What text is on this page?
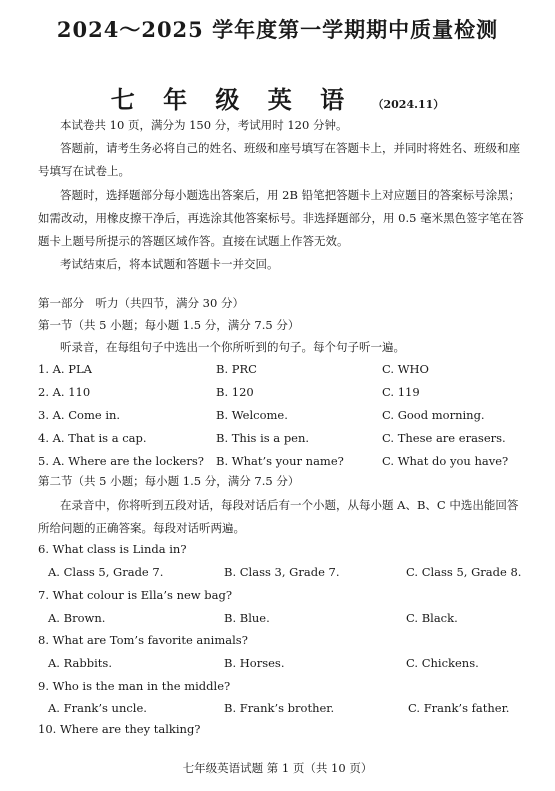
2024～2025 学年度第一学期期中质量检测
七 年 级 英 语 （2024.11）
本试卷共 10 页，满分为 150 分，考试用时 120 分钟。
答题前，请考生务必将自己的姓名、班级和座号填写在答题卡上，并同时将姓名、班级和座
号填写在试卷上。
答题时，选择题部分每小题选出答案后，用 2B 铅笔把答题卡上对应题目的答案标号涂黑；
如需改动，用橡皮擦干净后，再选涂其他答案标号。非选择题部分，用 0.5 毫米黑色签字笔在答
题卡上题号所提示的答题区域作答。直接在试题上作答无效。
考试结束后，将本试题和答题卡一并交回。
第一部分　听力（共四节，满分 30 分）
第一节（共 5 小题；每小题 1.5 分，满分 7.5 分）
听录音，在每组句子中选出一个你所听到的句子。每个句子听一遍。
1. A. PLA	B. PRC	C. WHO
2. A. 110	B. 120	C. 119
3. A. Come in.	B. Welcome.	C. Good morning.
4. A. That is a cap.	B. This is a pen.	C. These are erasers.
5. A. Where are the lockers? B. What’s your name?	C. What do you have?
第二节（共 5 小题；每小题 1.5 分，满分 7.5 分）
在录音中，你将听到五段对话，每段对话后有一个小题，从每小题 A、B、C 中选出能回答
所给问题的正确答案。每段对话听两遍。
6. What class is Linda in?
A. Class 5, Grade 7.	B. Class 3, Grade 7.	C. Class 5, Grade 8.
7. What colour is Ella’s new bag?
A. Brown.	B. Blue.	C. Black.
8. What are Tom’s favorite animals?
A. Rabbits.	B. Horses.	C. Chickens.
9. Who is the man in the middle?
A. Frank’s uncle.	B. Frank’s brother.	C. Frank’s father.
10. Where are they talking?
七年级英语试题 第 1 页（共 10 页）
